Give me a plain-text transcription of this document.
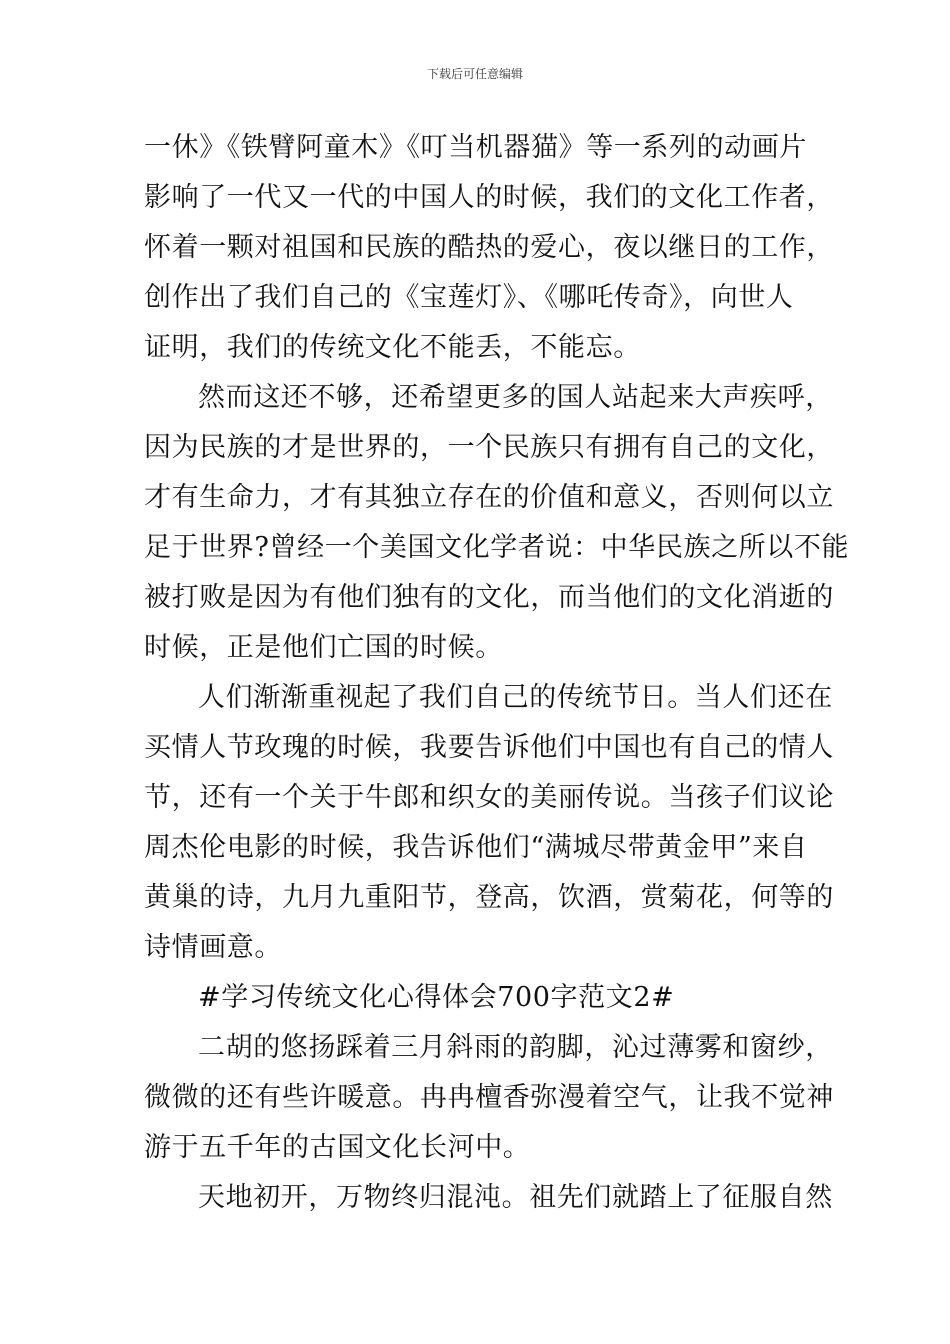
下载后可任意编辑
一休》《铁臂阿童木》《叮当机器猫》等一系列的动画片
影响了一代又一代的中国人的时候，我们的文化工作者，
怀着一颗对祖国和民族的酷热的爱心，夜以继日的工作，
创作出了我们自己的《宝莲灯》、《哪吒传奇》，向世人
证明，我们的传统文化不能丢，不能忘。
然而这还不够，还希望更多的国人站起来大声疾呼，
因为民族的才是世界的，一个民族只有拥有自己的文化，
才有生命力，才有其独立存在的价值和意义，否则何以立
足于世界?曾经一个美国文化学者说：中华民族之所以不能
被打败是因为有他们独有的文化，而当他们的文化消逝的
时候，正是他们亡国的时候。
人们渐渐重视起了我们自己的传统节日。当人们还在
买情人节玫瑰的时候，我要告诉他们中国也有自己的情人
节，还有一个关于牛郎和织女的美丽传说。当孩子们议论
周杰伦电影的时候，我告诉他们“满城尽带黄金甲”来自
黄巢的诗，九月九重阳节，登高，饮酒，赏菊花，何等的
诗情画意。
#学习传统文化心得体会700字范文2#
二胡的悠扬踩着三月斜雨的韵脚，沁过薄雾和窗纱，
微微的还有些许暖意。冉冉檀香弥漫着空气，让我不觉神
游于五千年的古国文化长河中。
天地初开，万物终归混沌。祖先们就踏上了征服自然
